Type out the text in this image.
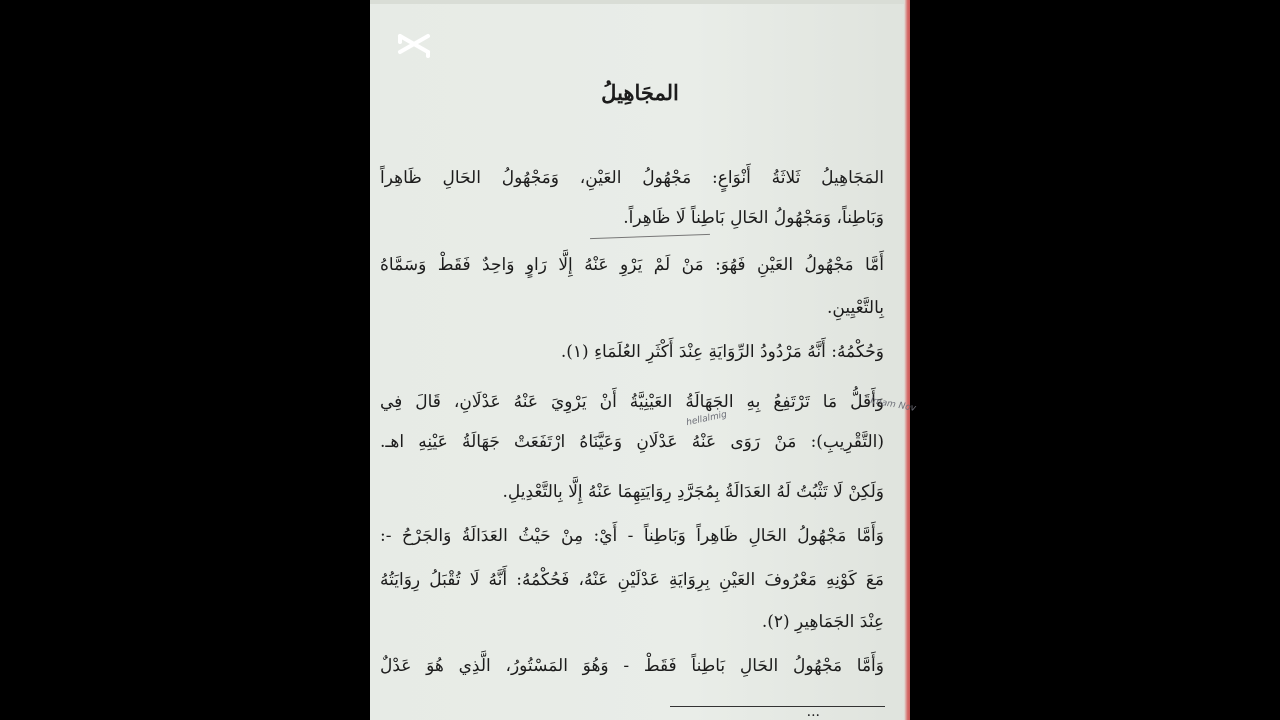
المجَاهِيلُ
المَجَاهِيلُ ثَلاثَةُ أَنْوَاعٍ: مَجْهُولُ العَيْنِ، وَمَجْهُولُ الحَالِ ظَاهِراً
وَبَاطِناً، وَمَجْهُولُ الحَالِ بَاطِناً لَا ظَاهِراً.
أَمَّا مَجْهُولُ العَيْنِ فَهُوَ: مَنْ لَمْ يَرْوِ عَنْهُ إِلَّا رَاوٍ وَاحِدٌ فَقَطْ وَسَمَّاهُ
بِالتَّعْيِينِ.
وَحُكْمُهُ: أَنَّهُ مَرْدُودُ الرِّوَايَةِ عِنْدَ أَكْثَرِ العُلَمَاءِ (١).
وَأَقَلُّ مَا تَرْتَفِعُ بِهِ الجَهَالَةُ العَيْنِيَّةُ أَنْ يَرْوِيَ عَنْهُ عَدْلَانِ، قَالَ فِي
hellalmig
Imam Nov
(التَّقْرِيبِ): مَنْ رَوَى عَنْهُ عَدْلَانِ وَعَيَّنَاهُ ارْتَفَعَتْ جَهَالَةُ عَيْنِهِ اهـ.
وَلَكِنْ لَا تَثْبُتُ لَهُ العَدَالَةُ بِمُجَرَّدِ رِوَايَتِهِمَا عَنْهُ إِلَّا بِالتَّعْدِيلِ.
وَأَمَّا مَجْهُولُ الحَالِ ظَاهِراً وَبَاطِناً - أَيْ: مِنْ حَيْثُ العَدَالَةُ وَالجَرْحُ -:
مَعَ كَوْنِهِ مَعْرُوفَ العَيْنِ بِرِوَايَةِ عَدْلَيْنِ عَنْهُ، فَحُكْمُهُ: أَنَّهُ لَا تُقْبَلُ رِوَايَتُهُ
عِنْدَ الجَمَاهِيرِ (٢).
وَأَمَّا مَجْهُولُ الحَالِ بَاطِناً فَقَطْ - وَهُوَ المَسْتُورُ، الَّذِي هُوَ عَدْلٌ
...
